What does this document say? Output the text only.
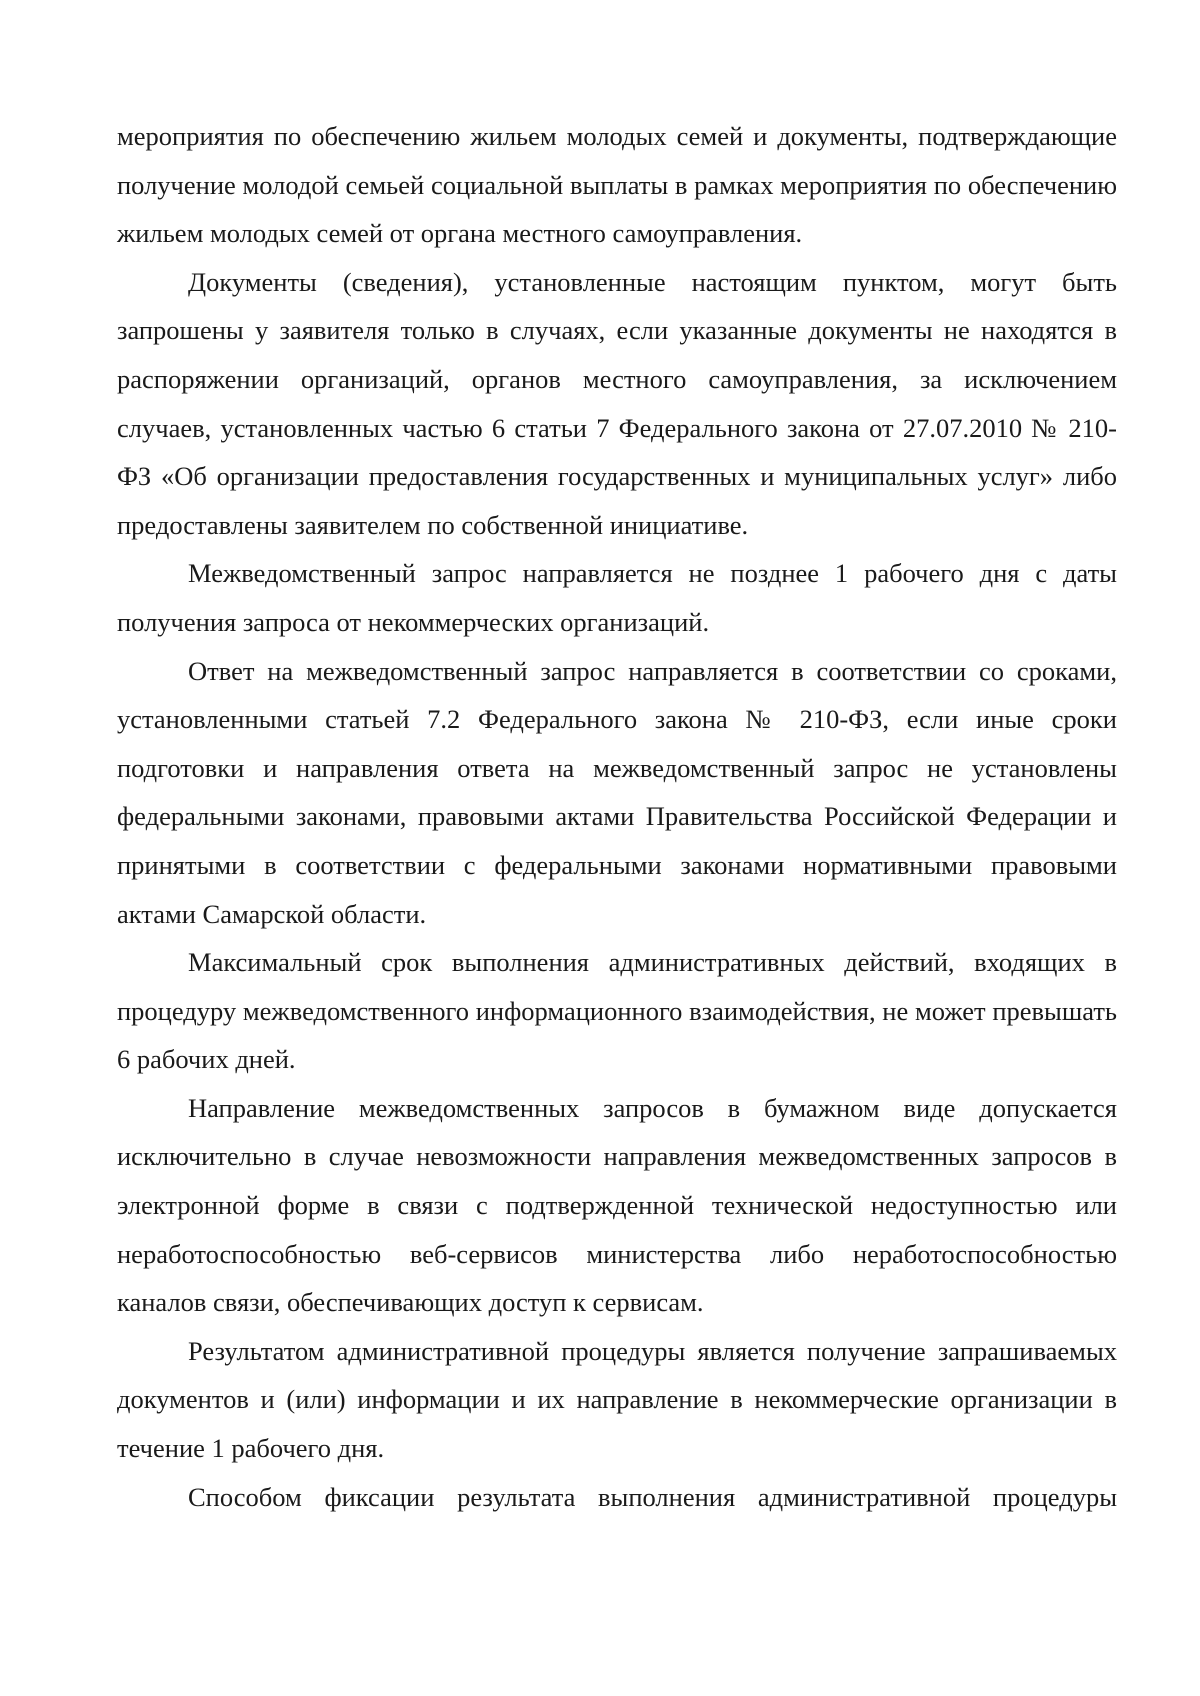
мероприятия по обеспечению жильем молодых семей и документы, подтверждающие получение молодой семьей социальной выплаты в рамках мероприятия по обеспечению жильем молодых семей от органа местного самоуправления.

Документы (сведения), установленные настоящим пунктом, могут быть запрошены у заявителя только в случаях, если указанные документы не находятся в распоряжении организаций, органов местного самоуправления, за исключением случаев, установленных частью 6 статьи 7 Федерального закона от 27.07.2010 № 210-ФЗ «Об организации предоставления государственных и муниципальных услуг» либо предоставлены заявителем по собственной инициативе.

Межведомственный запрос направляется не позднее 1 рабочего дня с даты получения запроса от некоммерческих организаций.

Ответ на межведомственный запрос направляется в соответствии со сроками, установленными статьей 7.2 Федерального закона № 210-ФЗ, если иные сроки подготовки и направления ответа на межведомственный запрос не установлены федеральными законами, правовыми актами Правительства Российской Федерации и принятыми в соответствии с федеральными законами нормативными правовыми актами Самарской области.

Максимальный срок выполнения административных действий, входящих в процедуру межведомственного информационного взаимодействия, не может превышать 6 рабочих дней.

Направление межведомственных запросов в бумажном виде допускается исключительно в случае невозможности направления межведомственных запросов в электронной форме в связи с подтвержденной технической недоступностью или неработоспособностью веб-сервисов министерства либо неработоспособностью каналов связи, обеспечивающих доступ к сервисам.

Результатом административной процедуры является получение запрашиваемых документов и (или) информации и их направление в некоммерческие организации в течение 1 рабочего дня.

Способом фиксации результата выполнения административной процедуры
